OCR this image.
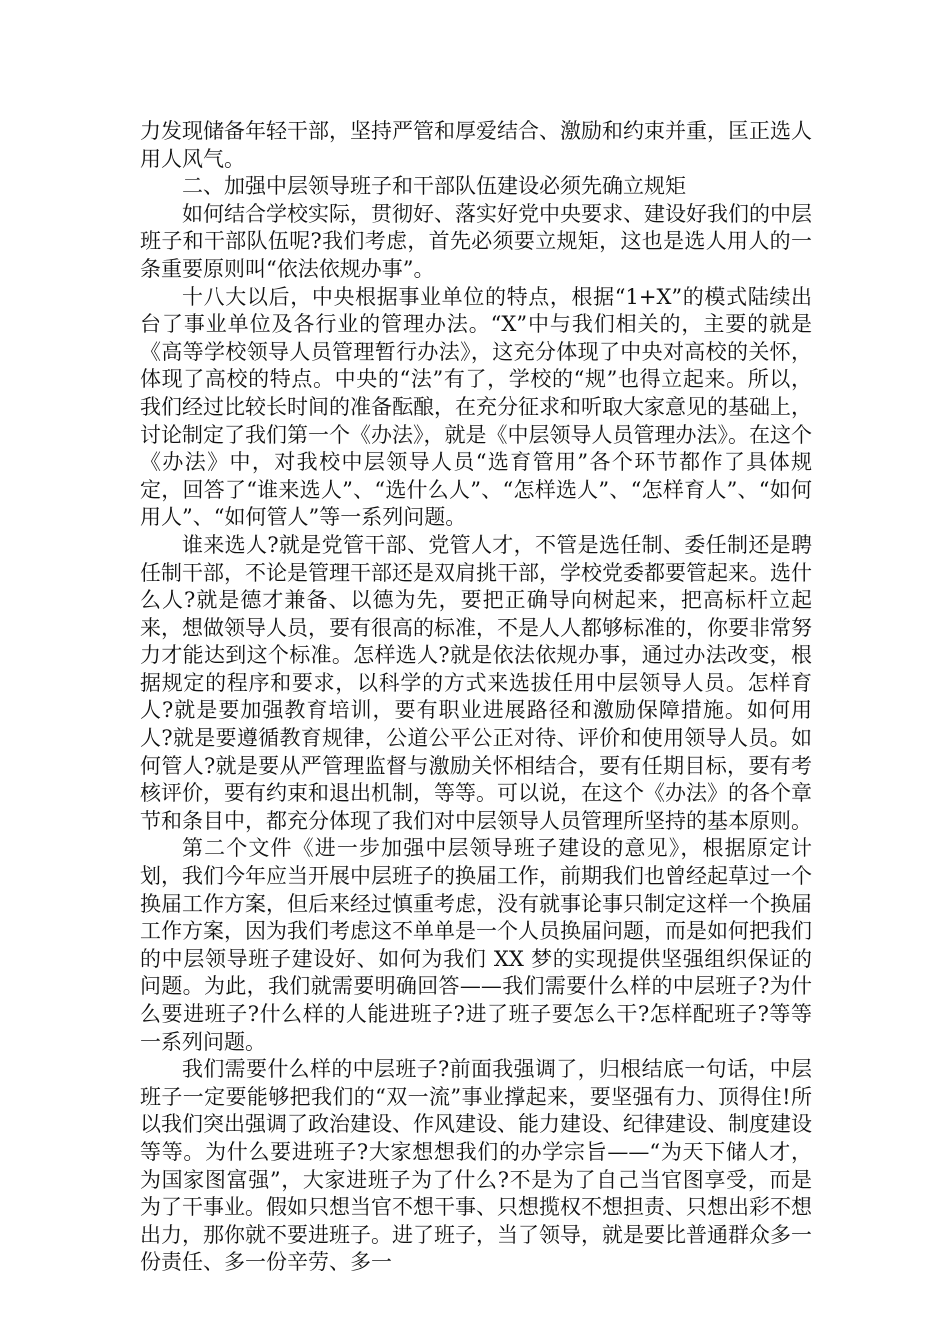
力发现储备年轻干部，坚持严管和厚爱结合、激励和约束并重，匡正选人用人风气。

二、加强中层领导班子和干部队伍建设必须先确立规矩

如何结合学校实际，贯彻好、落实好党中央要求、建设好我们的中层班子和干部队伍呢?我们考虑，首先必须要立规矩，这也是选人用人的一条重要原则叫“依法依规办事”。

十八大以后，中央根据事业单位的特点，根据“1+X”的模式陆续出台了事业单位及各行业的管理办法。“X”中与我们相关的，主要的就是《高等学校领导人员管理暂行办法》，这充分体现了中央对高校的关怀，体现了高校的特点。中央的“法”有了，学校的“规”也得立起来。所以，我们经过比较长时间的准备酝酿，在充分征求和听取大家意见的基础上，讨论制定了我们第一个《办法》，就是《中层领导人员管理办法》。在这个《办法》中，对我校中层领导人员“选育管用”各个环节都作了具体规定，回答了“谁来选人”、“选什么人”、“怎样选人”、“怎样育人”、“如何用人”、“如何管人”等一系列问题。

谁来选人?就是党管干部、党管人才，不管是选任制、委任制还是聘任制干部，不论是管理干部还是双肩挑干部，学校党委都要管起来。选什么人?就是德才兼备、以德为先，要把正确导向树起来，把高标杆立起来，想做领导人员，要有很高的标准，不是人人都够标准的，你要非常努力才能达到这个标准。怎样选人?就是依法依规办事，通过办法改变，根据规定的程序和要求，以科学的方式来选拔任用中层领导人员。怎样育人?就是要加强教育培训，要有职业进展路径和激励保障措施。如何用人?就是要遵循教育规律，公道公平公正对待、评价和使用领导人员。如何管人?就是要从严管理监督与激励关怀相结合，要有任期目标，要有考核评价，要有约束和退出机制，等等。可以说，在这个《办法》的各个章节和条目中，都充分体现了我们对中层领导人员管理所坚持的基本原则。

第二个文件《进一步加强中层领导班子建设的意见》，根据原定计划，我们今年应当开展中层班子的换届工作，前期我们也曾经起草过一个换届工作方案，但后来经过慎重考虑，没有就事论事只制定这样一个换届工作方案，因为我们考虑这不单单是一个人员换届问题，而是如何把我们的中层领导班子建设好、如何为我们 XX 梦的实现提供坚强组织保证的问题。为此，我们就需要明确回答——我们需要什么样的中层班子?为什么要进班子?什么样的人能进班子?进了班子要怎么干?怎样配班子?等等一系列问题。

我们需要什么样的中层班子?前面我强调了，归根结底一句话，中层班子一定要能够把我们的“双一流”事业撑起来，要坚强有力、顶得住!所以我们突出强调了政治建设、作风建设、能力建设、纪律建设、制度建设等等。为什么要进班子?大家想想我们的办学宗旨——“为天下储人才，为国家图富强”，大家进班子为了什么?不是为了自己当官图享受，而是为了干事业。假如只想当官不想干事、只想揽权不想担责、只想出彩不想出力，那你就不要进班子。进了班子，当了领导，就是要比普通群众多一份责任、多一份辛劳、多一
